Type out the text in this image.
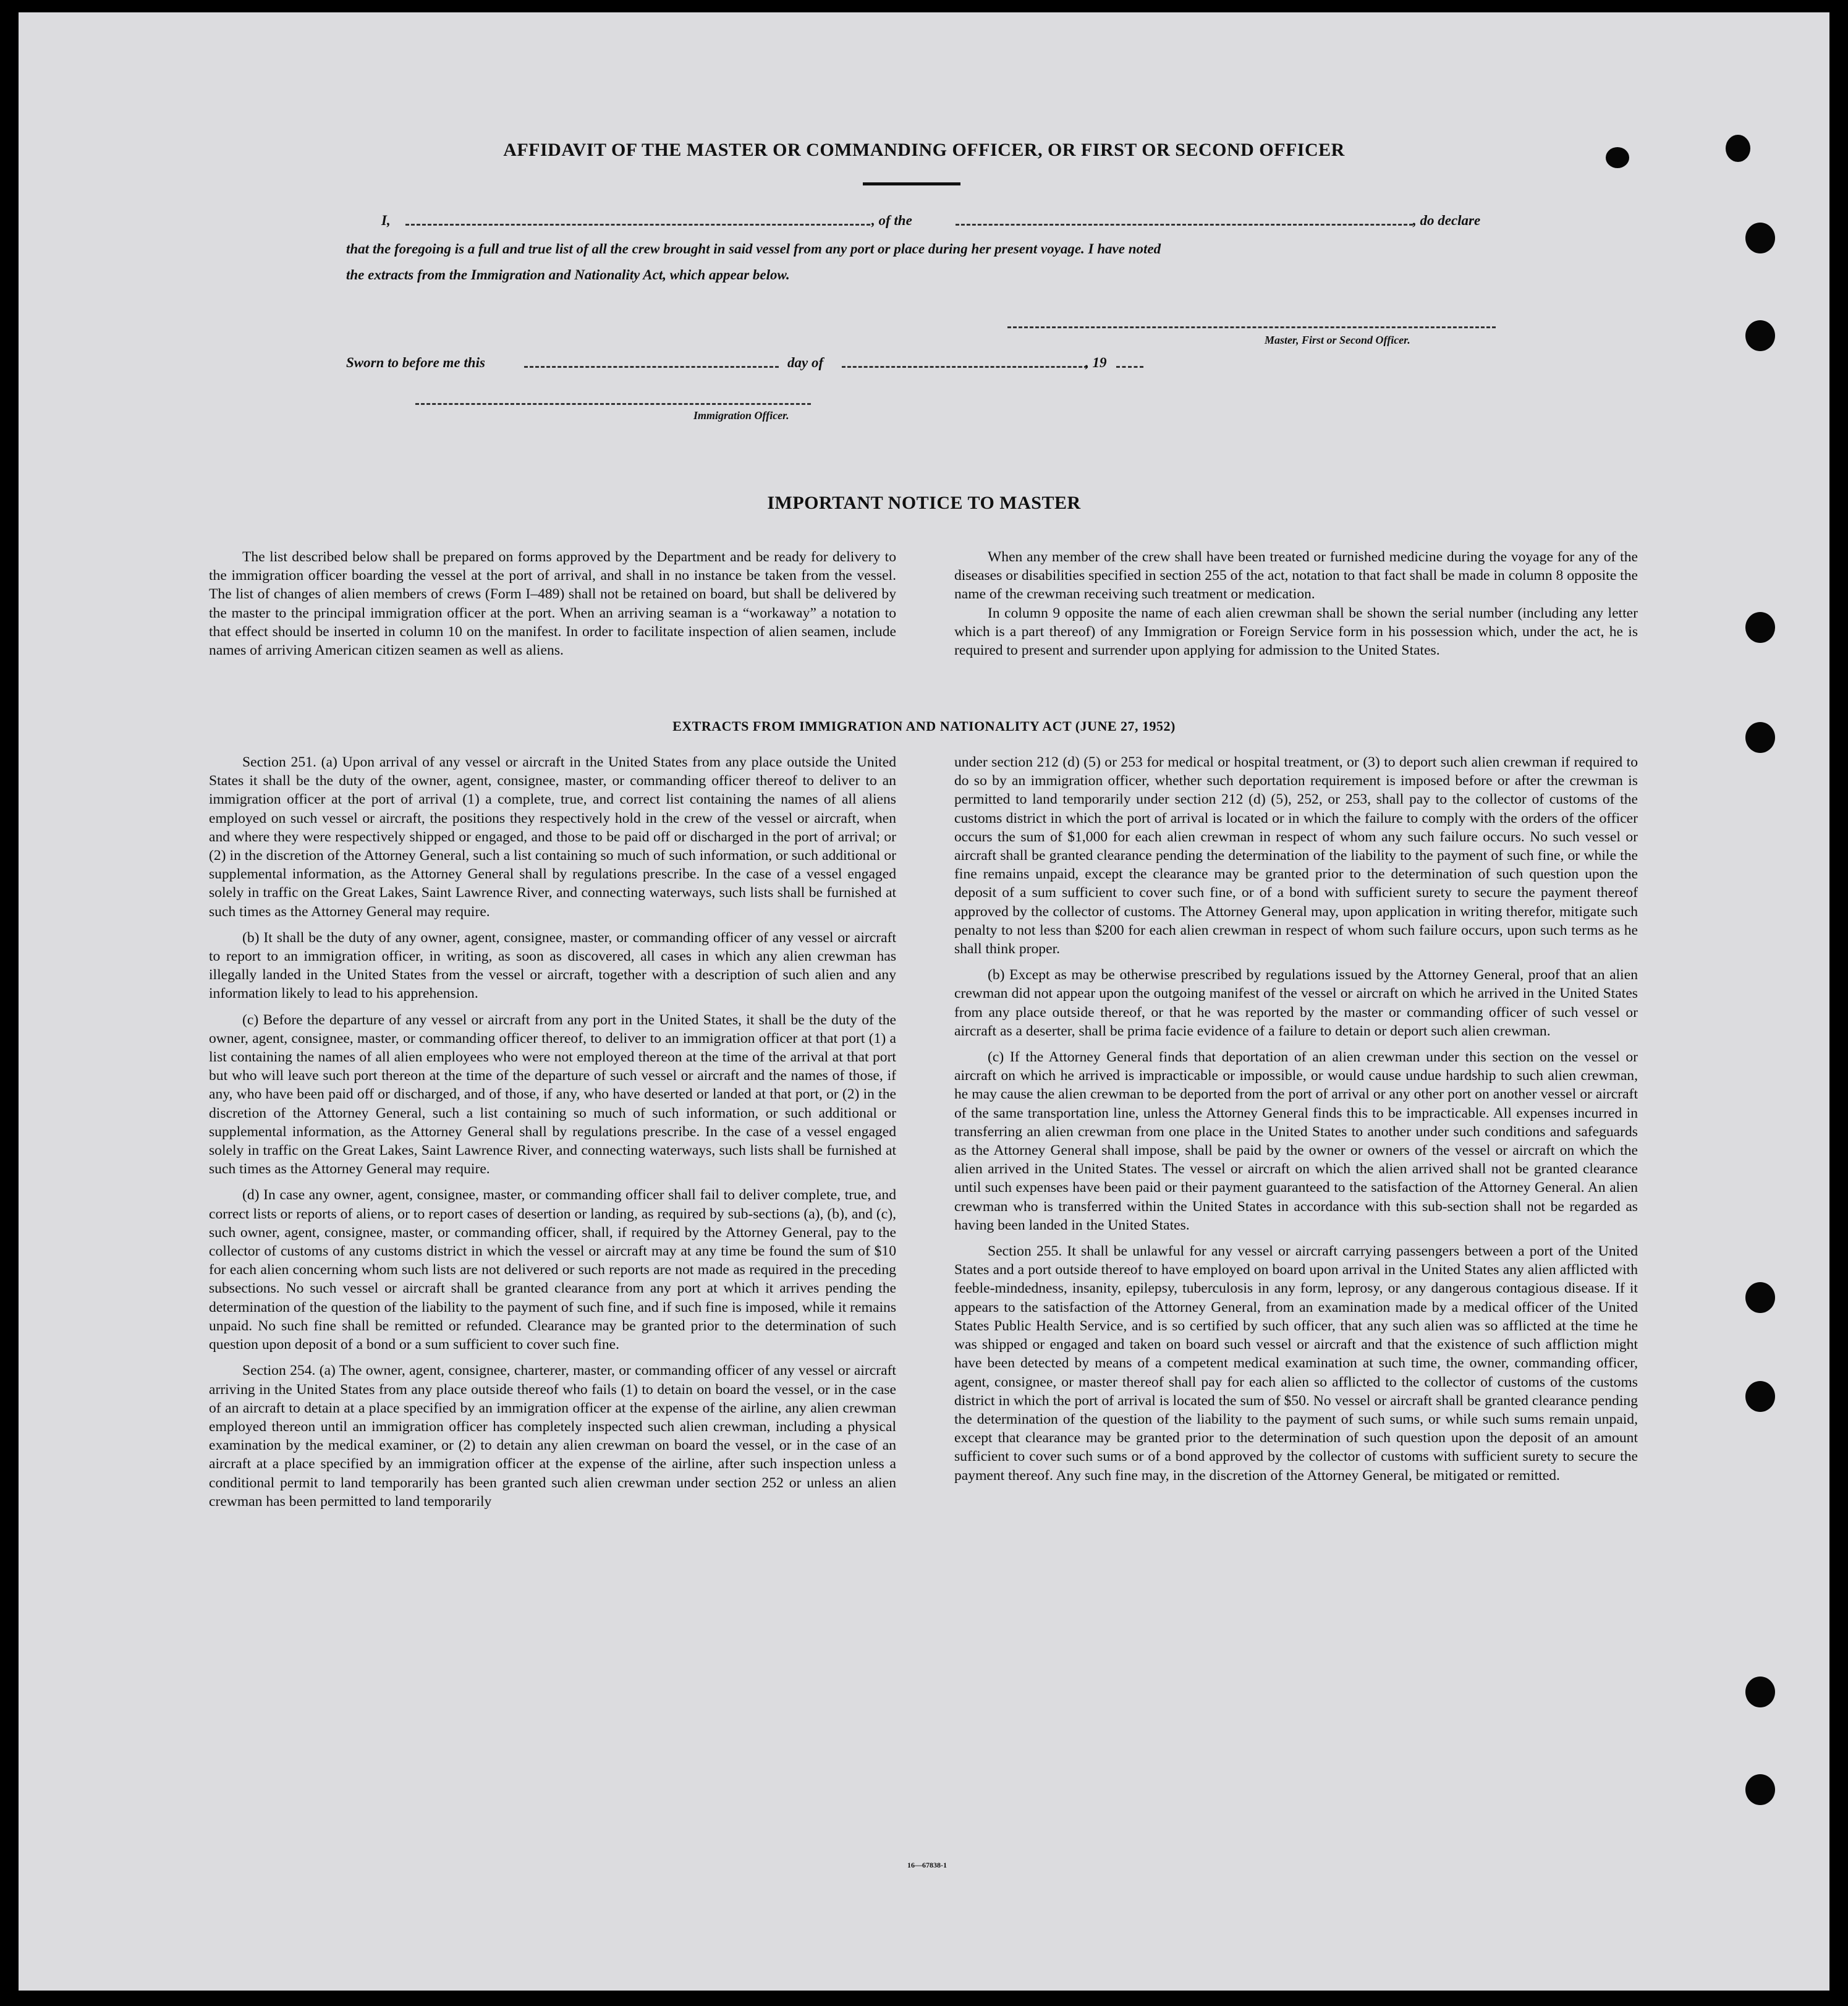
AFFIDAVIT OF THE MASTER OR COMMANDING OFFICER, OR FIRST OR SECOND OFFICER
I,	, of the	, do declare
that the foregoing is a full and true list of all the crew brought in said vessel from any port or place during her present voyage. I have noted
the extracts from the Immigration and Nationality Act, which appear below.
Master, First or Second Officer.
Sworn to before me this	day of	, 19
Immigration Officer.
IMPORTANT NOTICE TO MASTER

The list described below shall be prepared on forms approved by the Department and be ready for delivery to the immigration officer boarding the vessel at the port of arrival, and shall in no instance be taken from the vessel. The list of changes of alien members of crews (Form I–489) shall not be retained on board, but shall be delivered by the master to the principal immigration officer at the port. When an arriving seaman is a “workaway” a notation to that effect should be inserted in column 10 on the manifest. In order to facilitate inspection of alien seamen, include names of arriving American citizen seamen as well as aliens.

When any member of the crew shall have been treated or furnished medicine during the voyage for any of the diseases or disabilities specified in section 255 of the act, notation to that fact shall be made in column 8 opposite the name of the crewman receiving such treatment or medication.

In column 9 opposite the name of each alien crewman shall be shown the serial number (including any letter which is a part thereof) of any Immigration or Foreign Service form in his possession which, under the act, he is required to present and surrender upon applying for admission to the United States.

EXTRACTS FROM IMMIGRATION AND NATIONALITY ACT (JUNE 27, 1952)

Section 251. (a) Upon arrival of any vessel or aircraft in the United States from any place outside the United States it shall be the duty of the owner, agent, consignee, master, or commanding officer thereof to deliver to an immigration officer at the port of arrival (1) a complete, true, and correct list containing the names of all aliens employed on such vessel or aircraft, the positions they respectively hold in the crew of the vessel or aircraft, when and where they were respectively shipped or engaged, and those to be paid off or discharged in the port of arrival; or (2) in the discretion of the Attorney General, such a list containing so much of such information, or such additional or supplemental information, as the Attorney General shall by regulations prescribe. In the case of a vessel engaged solely in traffic on the Great Lakes, Saint Lawrence River, and connecting waterways, such lists shall be furnished at such times as the Attorney General may require.

(b) It shall be the duty of any owner, agent, consignee, master, or commanding officer of any vessel or aircraft to report to an immigration officer, in writing, as soon as discovered, all cases in which any alien crewman has illegally landed in the United States from the vessel or aircraft, together with a description of such alien and any information likely to lead to his apprehension.

(c) Before the departure of any vessel or aircraft from any port in the United States, it shall be the duty of the owner, agent, consignee, master, or commanding officer thereof, to deliver to an immigration officer at that port (1) a list containing the names of all alien employees who were not employed thereon at the time of the arrival at that port but who will leave such port thereon at the time of the departure of such vessel or aircraft and the names of those, if any, who have been paid off or discharged, and of those, if any, who have deserted or landed at that port, or (2) in the discretion of the Attorney General, such a list containing so much of such information, or such additional or supplemental information, as the Attorney General shall by regulations prescribe. In the case of a vessel engaged solely in traffic on the Great Lakes, Saint Lawrence River, and connecting waterways, such lists shall be furnished at such times as the Attorney General may require.

(d) In case any owner, agent, consignee, master, or commanding officer shall fail to deliver complete, true, and correct lists or reports of aliens, or to report cases of desertion or landing, as required by sub-sections (a), (b), and (c), such owner, agent, consignee, master, or commanding officer, shall, if required by the Attorney General, pay to the collector of customs of any customs district in which the vessel or aircraft may at any time be found the sum of $10 for each alien concerning whom such lists are not delivered or such reports are not made as required in the preceding subsections. No such vessel or aircraft shall be granted clearance from any port at which it arrives pending the determination of the question of the liability to the payment of such fine, and if such fine is imposed, while it remains unpaid. No such fine shall be remitted or refunded. Clearance may be granted prior to the determination of such question upon deposit of a bond or a sum sufficient to cover such fine.

Section 254. (a) The owner, agent, consignee, charterer, master, or commanding officer of any vessel or aircraft arriving in the United States from any place outside thereof who fails (1) to detain on board the vessel, or in the case of an aircraft to detain at a place specified by an immigration officer at the expense of the airline, any alien crewman employed thereon until an immigration officer has completely inspected such alien crewman, including a physical examination by the medical examiner, or (2) to detain any alien crewman on board the vessel, or in the case of an aircraft at a place specified by an immigration officer at the expense of the airline, after such inspection unless a conditional permit to land temporarily has been granted such alien crewman under section 252 or unless an alien crewman has been permitted to land temporarily

under section 212 (d) (5) or 253 for medical or hospital treatment, or (3) to deport such alien crewman if required to do so by an immigration officer, whether such deportation requirement is imposed before or after the crewman is permitted to land temporarily under section 212 (d) (5), 252, or 253, shall pay to the collector of customs of the customs district in which the port of arrival is located or in which the failure to comply with the orders of the officer occurs the sum of $1,000 for each alien crewman in respect of whom any such failure occurs. No such vessel or aircraft shall be granted clearance pending the determination of the liability to the payment of such fine, or while the fine remains unpaid, except the clearance may be granted prior to the determination of such question upon the deposit of a sum sufficient to cover such fine, or of a bond with sufficient surety to secure the payment thereof approved by the collector of customs. The Attorney General may, upon application in writing therefor, mitigate such penalty to not less than $200 for each alien crewman in respect of whom such failure occurs, upon such terms as he shall think proper.

(b) Except as may be otherwise prescribed by regulations issued by the Attorney General, proof that an alien crewman did not appear upon the outgoing manifest of the vessel or aircraft on which he arrived in the United States from any place outside thereof, or that he was reported by the master or commanding officer of such vessel or aircraft as a deserter, shall be prima facie evidence of a failure to detain or deport such alien crewman.

(c) If the Attorney General finds that deportation of an alien crewman under this section on the vessel or aircraft on which he arrived is impracticable or impossible, or would cause undue hardship to such alien crewman, he may cause the alien crewman to be deported from the port of arrival or any other port on another vessel or aircraft of the same transportation line, unless the Attorney General finds this to be impracticable. All expenses incurred in transferring an alien crewman from one place in the United States to another under such conditions and safeguards as the Attorney General shall impose, shall be paid by the owner or owners of the vessel or aircraft on which the alien arrived in the United States. The vessel or aircraft on which the alien arrived shall not be granted clearance until such expenses have been paid or their payment guaranteed to the satisfaction of the Attorney General. An alien crewman who is transferred within the United States in accordance with this sub-section shall not be regarded as having been landed in the United States.

Section 255. It shall be unlawful for any vessel or aircraft carrying passengers between a port of the United States and a port outside thereof to have employed on board upon arrival in the United States any alien afflicted with feeble-mindedness, insanity, epilepsy, tuberculosis in any form, leprosy, or any dangerous contagious disease. If it appears to the satisfaction of the Attorney General, from an examination made by a medical officer of the United States Public Health Service, and is so certified by such officer, that any such alien was so afflicted at the time he was shipped or engaged and taken on board such vessel or aircraft and that the existence of such affliction might have been detected by means of a competent medical examination at such time, the owner, commanding officer, agent, consignee, or master thereof shall pay for each alien so afflicted to the collector of customs of the customs district in which the port of arrival is located the sum of $50. No vessel or aircraft shall be granted clearance pending the determination of the question of the liability to the payment of such sums, or while such sums remain unpaid, except that clearance may be granted prior to the determination of such question upon the deposit of an amount sufficient to cover such sums or of a bond approved by the collector of customs with sufficient surety to secure the payment thereof. Any such fine may, in the discretion of the Attorney General, be mitigated or remitted.

16—67838-1
